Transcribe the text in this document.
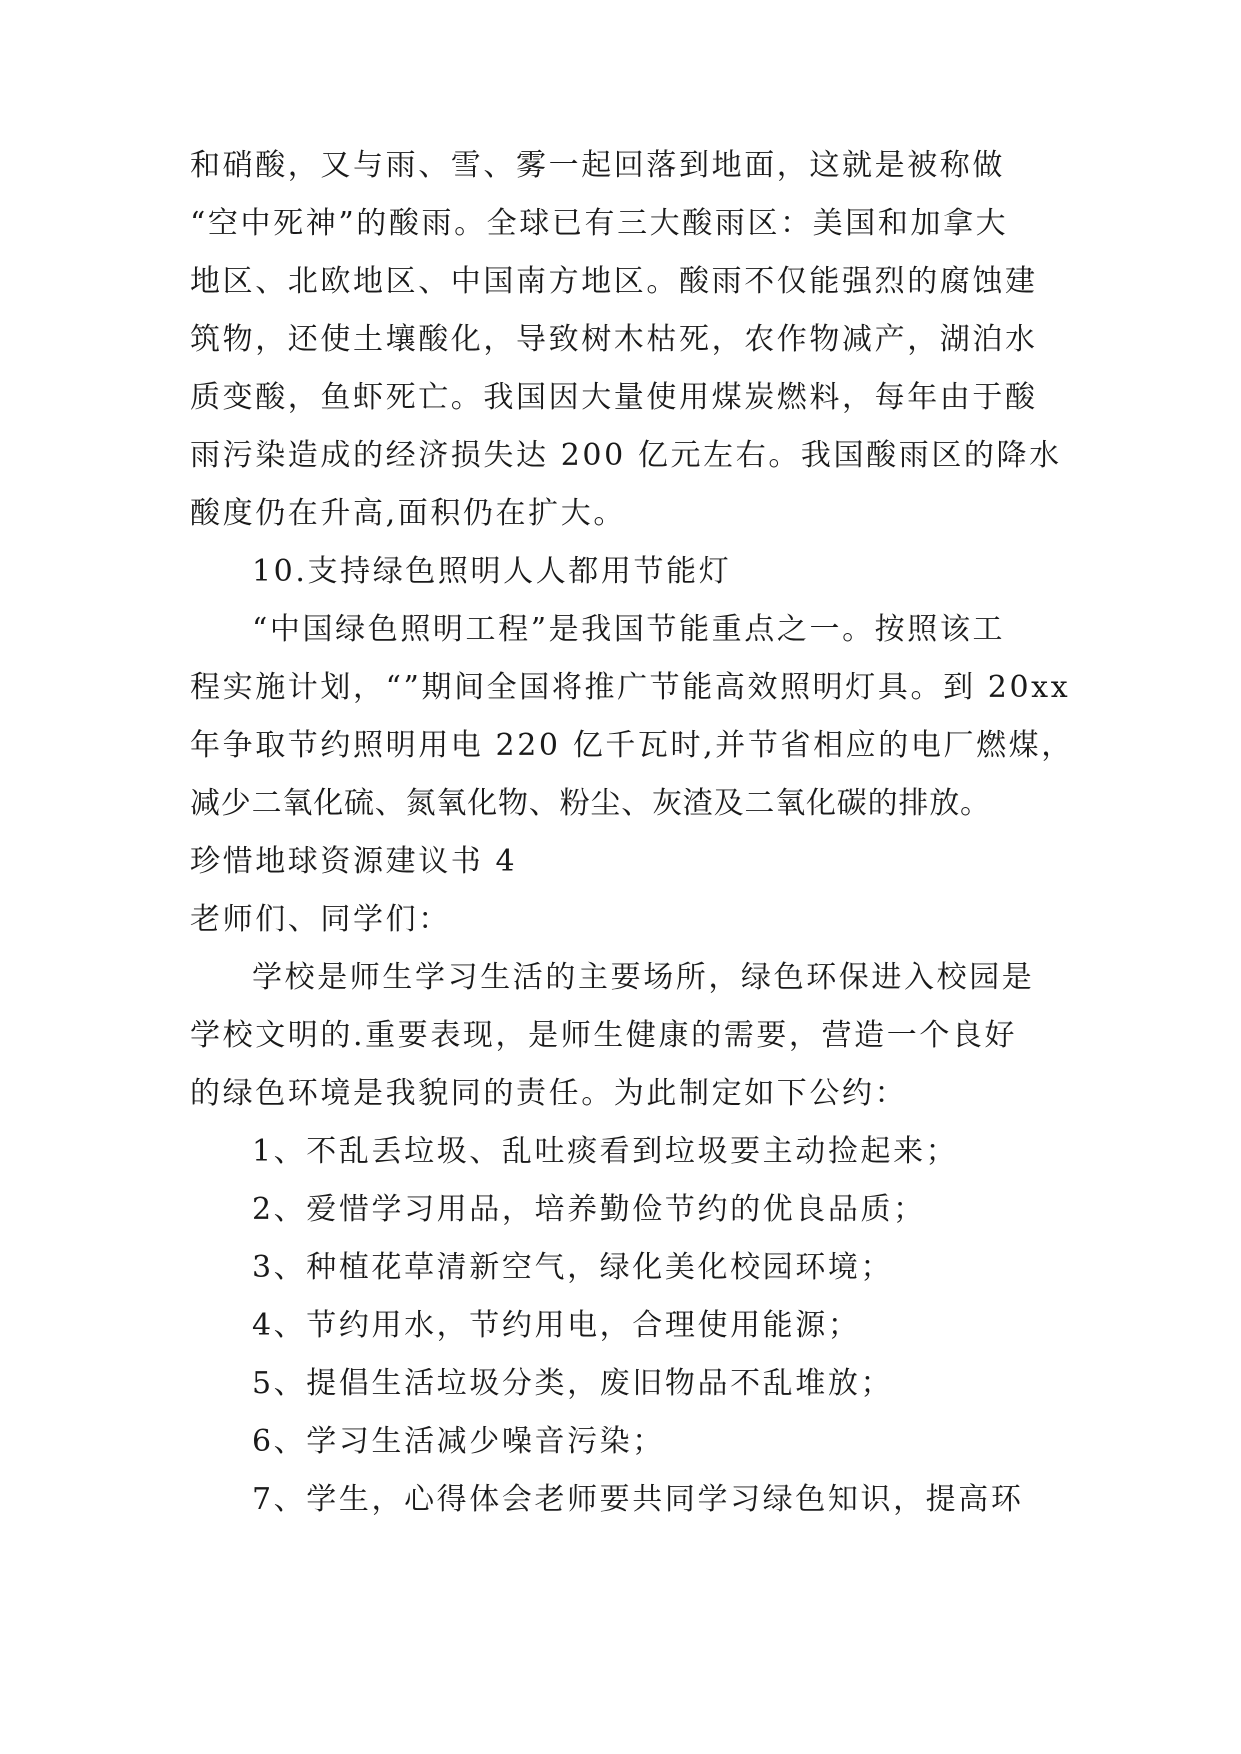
和硝酸，又与雨、雪、雾一起回落到地面，这就是被称做

“空中死神”的酸雨。全球已有三大酸雨区：美国和加拿大

地区、北欧地区、中国南方地区。酸雨不仅能强烈的腐蚀建

筑物，还使土壤酸化，导致树木枯死，农作物减产，湖泊水

质变酸，鱼虾死亡。我国因大量使用煤炭燃料，每年由于酸

雨污染造成的经济损失达 200 亿元左右。我国酸雨区的降水

酸度仍在升高,面积仍在扩大。

10.支持绿色照明人人都用节能灯

“中国绿色照明工程”是我国节能重点之一。按照该工

程实施计划，“”期间全国将推广节能高效照明灯具。到 20xx

年争取节约照明用电 220 亿千瓦时,并节省相应的电厂燃煤，

减少二氧化硫、氮氧化物、粉尘、灰渣及二氧化碳的排放。

珍惜地球资源建议书 4

老师们、同学们：

学校是师生学习生活的主要场所，绿色环保进入校园是

学校文明的.重要表现，是师生健康的需要，营造一个良好

的绿色环境是我貌同的责任。为此制定如下公约：

1、不乱丢垃圾、乱吐痰看到垃圾要主动捡起来；

2、爱惜学习用品，培养勤俭节约的优良品质；

3、种植花草清新空气，绿化美化校园环境；

4、节约用水，节约用电，合理使用能源；

5、提倡生活垃圾分类，废旧物品不乱堆放；

6、学习生活减少噪音污染；

7、学生，心得体会老师要共同学习绿色知识，提高环
